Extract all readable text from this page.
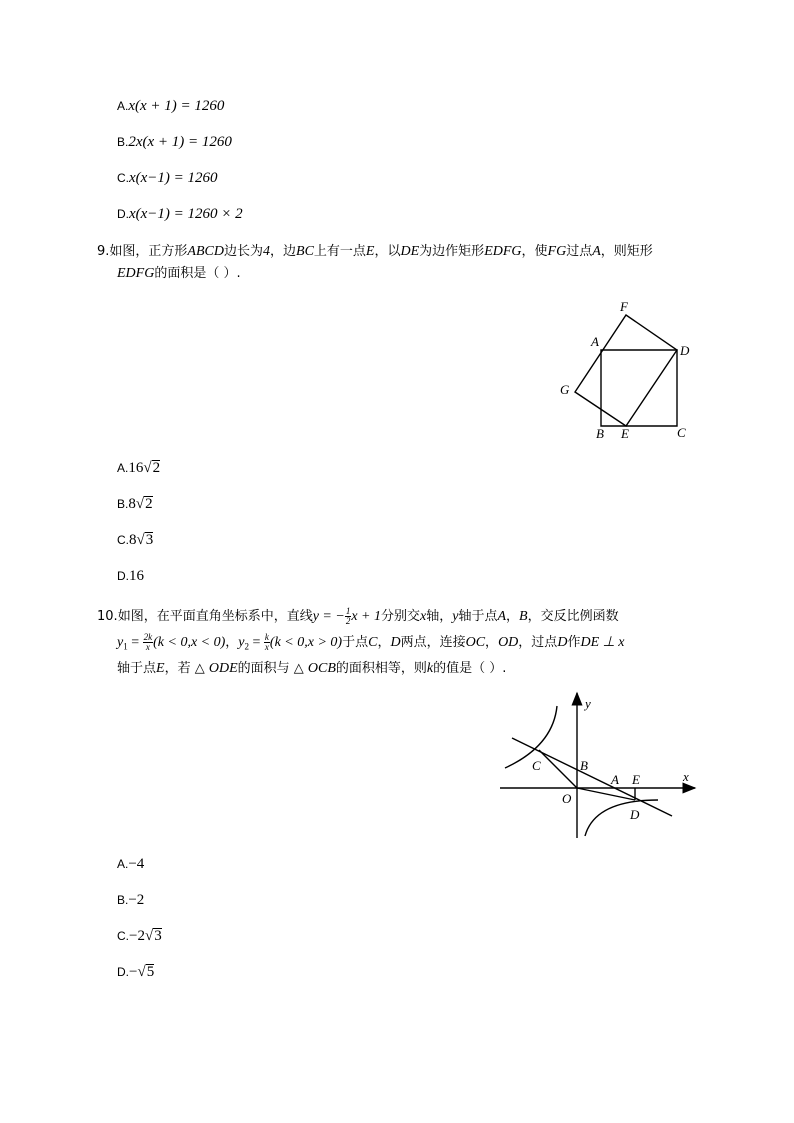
A.x(x + 1) = 1260
B.2x(x + 1) = 1260
C.x(x−1) = 1260
D.x(x−1) = 1260 × 2
9.如图，正方形ABCD边长为4，边BC上有一点E，以DE为边作矩形EDFG，使FG过点A，则矩形
EDFG的面积是（ ）.
F
A
D
G
B E	C
A.16√2
B.8√2
C.8√3
D.16
10.如图，在平面直角坐标系中，直线y = − $\frac{1}{2}$ x + 1分别交x轴，y轴于点A，B，交反比例函数
$y_1 = \frac{2k}{x} (k < 0,x < 0)$，$y_2 = \frac{k}{x} (k < 0,x > 0)$于点C，D两点，连接OC，OD，过点D作DE ⊥ x
轴于点E，若 △ ODE的面积与 △ OCB的面积相等，则k的值是（ ）.
y
x
C	B
A E
O
D
A.−4
B.−2
C.−2√3
D.−√5
